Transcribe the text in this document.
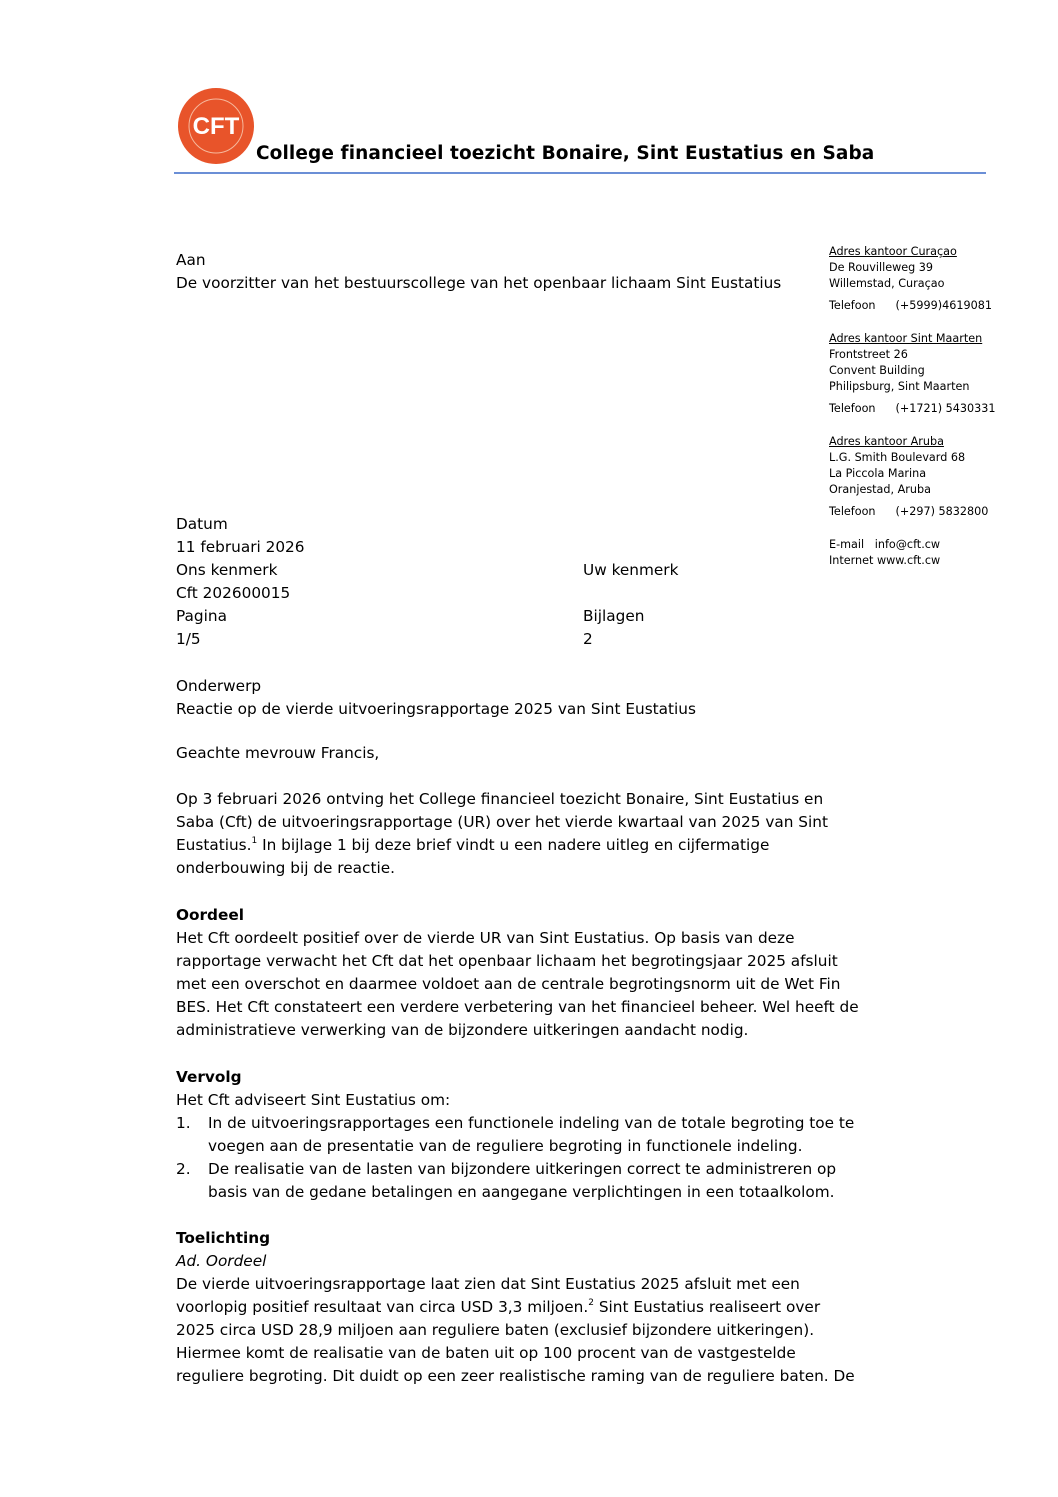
CFT
College financieel toezicht Bonaire, Sint Eustatius en Saba
Aan
De voorzitter van het bestuurscollege van het openbaar lichaam Sint Eustatius
Adres kantoor Curaçao
De Rouvilleweg 39
Willemstad, Curaçao
Telefoon (+5999)4619081
Adres kantoor Sint Maarten
Frontstreet 26
Convent Building
Philipsburg, Sint Maarten
Telefoon (+1721) 5430331
Adres kantoor Aruba
L.G. Smith Boulevard 68
La Piccola Marina
Oranjestad, Aruba
Telefoon (+297) 5832800
E-mail info@cft.cw
Internet www.cft.cw
Datum
11 februari 2026
Ons kenmerk	Uw kenmerk
Cft 202600015
Pagina	Bijlagen
1/5	2
Onderwerp
Reactie op de vierde uitvoeringsrapportage 2025 van Sint Eustatius
Geachte mevrouw Francis,
Op 3 februari 2026 ontving het College financieel toezicht Bonaire, Sint Eustatius en
Saba (Cft) de uitvoeringsrapportage (UR) over het vierde kwartaal van 2025 van Sint
Eustatius.$^1$ In bijlage 1 bij deze brief vindt u een nadere uitleg en cijfermatige
onderbouwing bij de reactie.
Oordeel
Het Cft oordeelt positief over de vierde UR van Sint Eustatius. Op basis van deze
rapportage verwacht het Cft dat het openbaar lichaam het begrotingsjaar 2025 afsluit
met een overschot en daarmee voldoet aan de centrale begrotingsnorm uit de Wet Fin
BES. Het Cft constateert een verdere verbetering van het financieel beheer. Wel heeft de
administratieve verwerking van de bijzondere uitkeringen aandacht nodig.
Vervolg
Het Cft adviseert Sint Eustatius om:
1. In de uitvoeringsrapportages een functionele indeling van de totale begroting toe te
voegen aan de presentatie van de reguliere begroting in functionele indeling.
2. De realisatie van de lasten van bijzondere uitkeringen correct te administreren op
basis van de gedane betalingen en aangegane verplichtingen in een totaalkolom.
Toelichting
Ad. Oordeel
De vierde uitvoeringsrapportage laat zien dat Sint Eustatius 2025 afsluit met een
voorlopig positief resultaat van circa USD 3,3 miljoen.$^2$ Sint Eustatius realiseert over
2025 circa USD 28,9 miljoen aan reguliere baten (exclusief bijzondere uitkeringen).
Hiermee komt de realisatie van de baten uit op 100 procent van de vastgestelde
reguliere begroting. Dit duidt op een zeer realistische raming van de reguliere baten. De
